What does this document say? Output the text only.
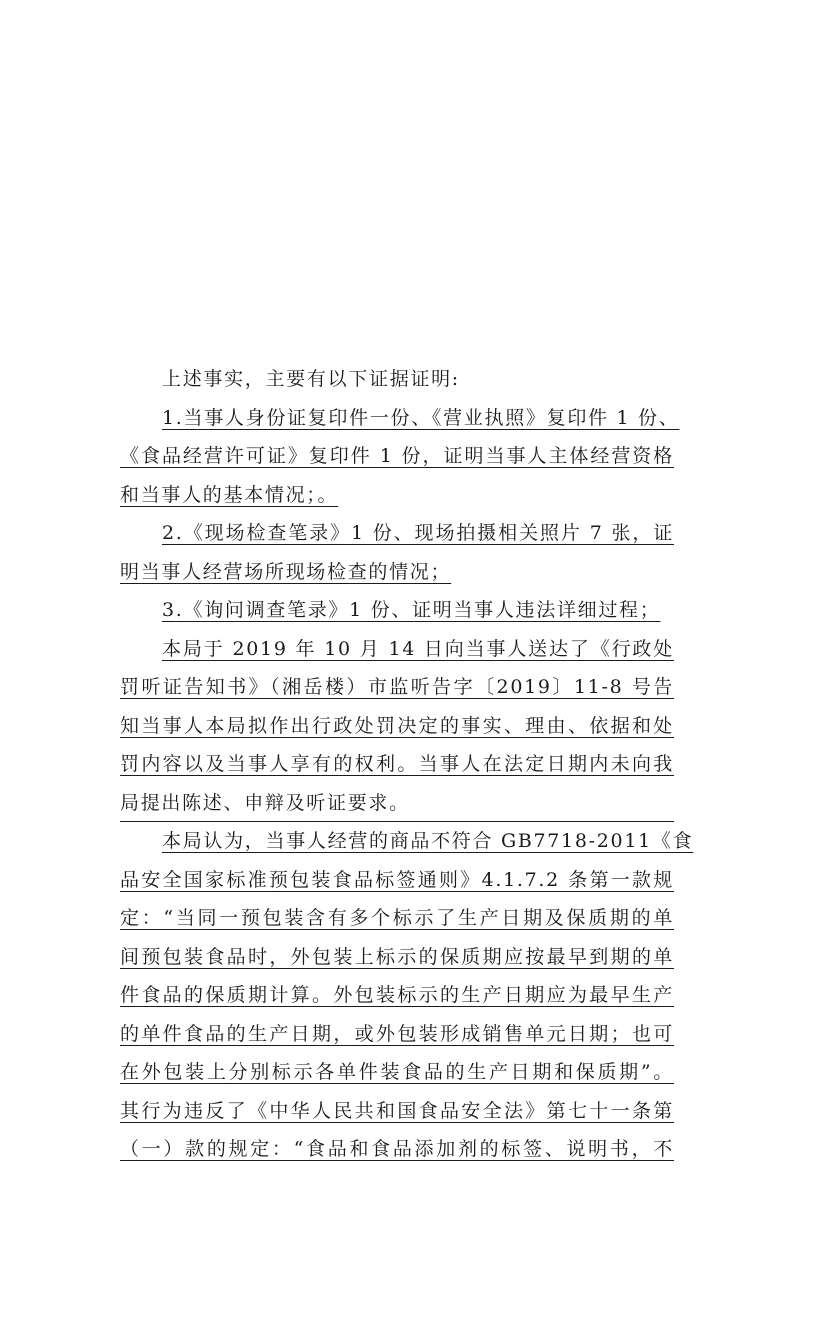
上述事实，主要有以下证据证明:
1.当事人身份证复印件一份、《营业执照》复印件 1 份、
《食品经营许可证》复印件 1 份，证明当事人主体经营资格
和当事人的基本情况；。
2.《现场检查笔录》1 份、现场拍摄相关照片 7 张，证
明当事人经营场所现场检查的情况；
3.《询问调查笔录》1 份、证明当事人违法详细过程；
本局于 2019 年 10 月 14 日向当事人送达了《行政处
罚听证告知书》（湘岳楼）市监听告字〔2019〕11-8 号告
知当事人本局拟作出行政处罚决定的事实、理由、依据和处
罚内容以及当事人享有的权利。当事人在法定日期内未向我
局提出陈述、申辩及听证要求。
本局认为，当事人经营的商品不符合 GB7718-2011《食
品安全国家标准预包装食品标签通则》4.1.7.2 条第一款规
定：“当同一预包装含有多个标示了生产日期及保质期的单
间预包装食品时，外包装上标示的保质期应按最早到期的单
件食品的保质期计算。外包装标示的生产日期应为最早生产
的单件食品的生产日期，或外包装形成销售单元日期；也可
在外包装上分别标示各单件装食品的生产日期和保质期”。
其行为违反了《中华人民共和国食品安全法》第七十一条第
（一）款的规定：“食品和食品添加剂的标签、说明书，不
